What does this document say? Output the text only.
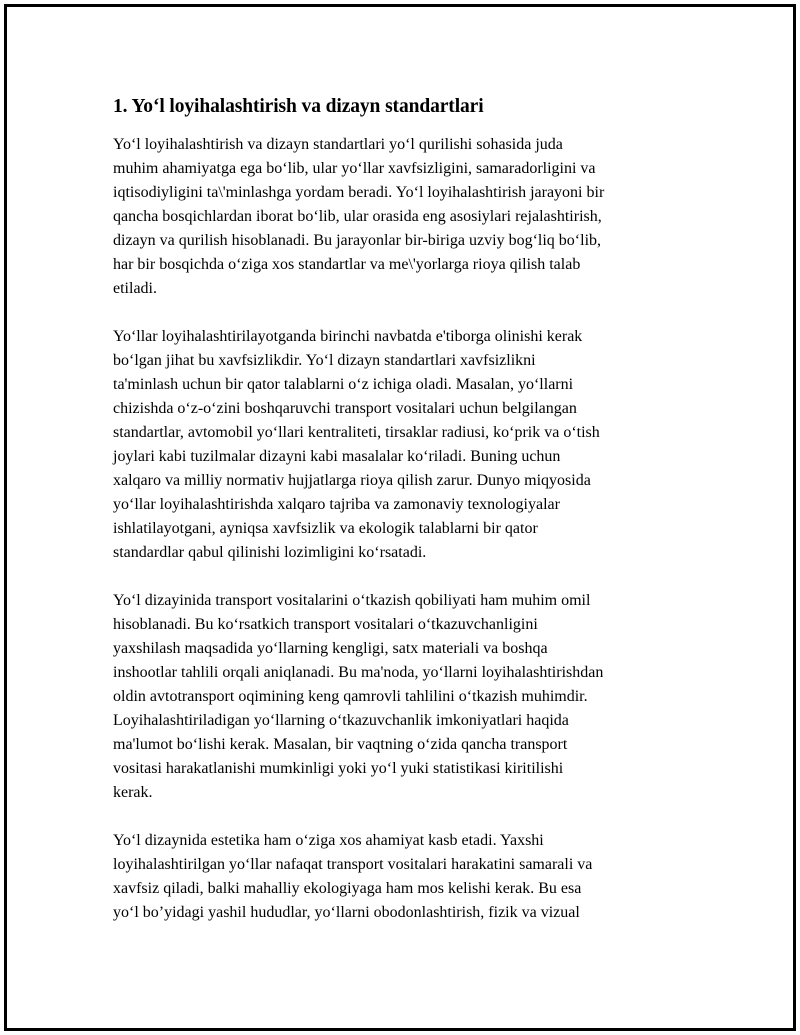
1. Yo‘l loyihalashtirish va dizayn standartlari

Yo‘l loyihalashtirish va dizayn standartlari yo‘l qurilishi sohasida juda
muhim ahamiyatga ega bo‘lib, ular yo‘llar xavfsizligini, samaradorligini va
iqtisodiyligini ta\'minlashga yordam beradi. Yo‘l loyihalashtirish jarayoni bir
qancha bosqichlardan iborat bo‘lib, ular orasida eng asosiylari rejalashtirish,
dizayn va qurilish hisoblanadi. Bu jarayonlar bir-biriga uzviy bog‘liq bo‘lib,
har bir bosqichda o‘ziga xos standartlar va me\'yorlarga rioya qilish talab
etiladi.

Yo‘llar loyihalashtirilayotganda birinchi navbatda e'tiborga olinishi kerak
bo‘lgan jihat bu xavfsizlikdir. Yo‘l dizayn standartlari xavfsizlikni
ta'minlash uchun bir qator talablarni o‘z ichiga oladi. Masalan, yo‘llarni
chizishda o‘z-o‘zini boshqaruvchi transport vositalari uchun belgilangan
standartlar, avtomobil yo‘llari kentraliteti, tirsaklar radiusi, ko‘prik va o‘tish
joylari kabi tuzilmalar dizayni kabi masalalar ko‘riladi. Buning uchun
xalqaro va milliy normativ hujjatlarga rioya qilish zarur. Dunyo miqyosida
yo‘llar loyihalashtirishda xalqaro tajriba va zamonaviy texnologiyalar
ishlatilayotgani, ayniqsa xavfsizlik va ekologik talablarni bir qator
standardlar qabul qilinishi lozimligini ko‘rsatadi.

Yo‘l dizayinida transport vositalarini o‘tkazish qobiliyati ham muhim omil
hisoblanadi. Bu ko‘rsatkich transport vositalari o‘tkazuvchanligini
yaxshilash maqsadida yo‘llarning kengligi, satx materiali va boshqa
inshootlar tahlili orqali aniqlanadi. Bu ma'noda, yo‘llarni loyihalashtirishdan
oldin avtotransport oqimining keng qamrovli tahlilini o‘tkazish muhimdir.
Loyihalashtiriladigan yo‘llarning o‘tkazuvchanlik imkoniyatlari haqida
ma'lumot bo‘lishi kerak. Masalan, bir vaqtning o‘zida qancha transport
vositasi harakatlanishi mumkinligi yoki yo‘l yuki statistikasi kiritilishi
kerak.

Yo‘l dizaynida estetika ham o‘ziga xos ahamiyat kasb etadi. Yaxshi
loyihalashtirilgan yo‘llar nafaqat transport vositalari harakatini samarali va
xavfsiz qiladi, balki mahalliy ekologiyaga ham mos kelishi kerak. Bu esa
yo‘l bo’yidagi yashil hududlar, yo‘llarni obodonlashtirish, fizik va vizual
